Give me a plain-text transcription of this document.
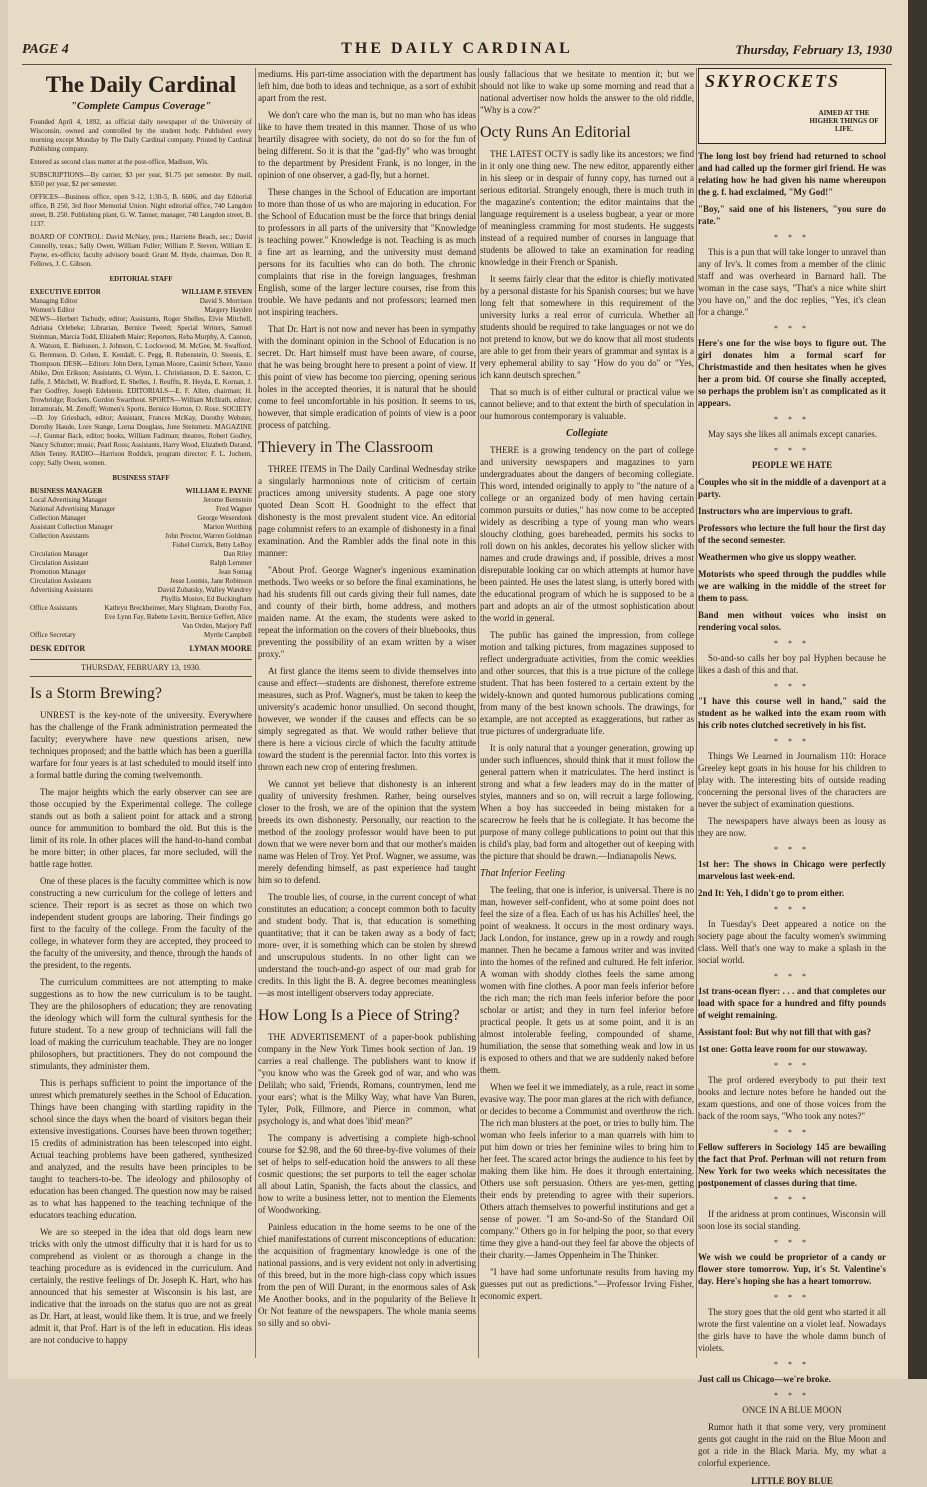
PAGE 4	THE DAILY CARDINAL	Thursday, February 13, 1930
The Daily Cardinal
"Complete Campus Coverage"

Founded April 4, 1892, as official daily newspaper of the University of Wisconsin, owned and controlled by the student body. Published every morning except Monday by The Daily Cardinal company. Printed by Cardinal Publishing company.

Entered as second class matter at the post-office, Madison, Wis.

SUBSCRIPTIONS—By carrier, $3 per year, $1.75 per semester. By mail, $350 per year, $2 per semester.

OFFICES—Business office, open 9-12, 1:30-5, B. 6606, and day Editorial office, B 250, 3rd floor Memorial Union. Night editorial office, 740 Langdon street, B. 250. Publishing plant, G. W. Tanner, manager, 740 Langdon street, B. 1137.

BOARD OF CONTROL: David McNary, pres.; Harriette Beach, sec.; David Connolly, treas.; Sally Owen, William Fuller; William P. Steven, William E. Payne, ex-officio; faculty advisory board: Grant M. Hyde, chairman, Don R. Fellows, J. C. Gibson.

EDITORIAL STAFF
EXECUTIVE EDITOR	WILLIAM P. STEVEN
Managing Editor	David S. Morrison
Women's Editor	Margery Hayden

NEWS—Herbert Tschudy, editor; Assistants, Roger Shelles, Elvie Mitchell, Adriana Orlebeke; Librarian, Bernice Tweed; Special Writers, Samuel Steinman, Marcia Todd, Elizabeth Maier; Reporters, Reba Murphy, A. Cannon, A. Watson, E. Biehusen, J. Johnson, C. Lockwood, M. McGee, M. Swafford, G. Berenson, D. Cohen, E. Kendall, C. Pegg, R. Rubenstein, O. Steenis, E. Thompson. DESK—Editors: John Dern, Lyman Moore, Casimir Scheer, Yasuo Abiko, Don Erikson; Assistants, O. Wynn, L. Christianson, D. E. Saxton, C. Jaffe, J. Mitchell, W. Bradford, E. Shelles, J. Reuffts, R. Heyda, E. Kornan, J. Parr Godfrey, Joseph Edelstein. EDITORIALS—E. F. Allen, chairman; H. Trowbridge; Rockets, Gordon Swarthout. SPORTS—William McIlrath, editor; Intramurals, M. Zenoff; Women's Sports, Bernice Horton, O. Rose. SOCIETY—D. Joy Griesbach, editor; Assistant, Frances McKay, Dorothy Webster, Dorothy Haude, Lore Stange, Lorna Douglass, June Steinmetz. MAGAZINE—J. Gunnar Back, editor; books, William Fadiman; theatres, Robert Godley, Nancy Schutter; music, Pearl Roos; Assistants, Harry Wood, Elizabeth Durand, Allen Tenny. RADIO—Harrison Roddick, program director; F. L. Jochem, copy; Sally Owen, women.

BUSINESS STAFF
BUSINESS MANAGER	WILLIAM E. PAYNE
Local Advertising Manager	Jerome Bernstein
National Advertising Manager	Fred Wagner
Collection Manager	George Wesendonk
Assistant Collection Manager	Marion Worthing
Collection Assistants	John Proctor, Warren Goldman
Fishel Currick, Betty LeBoy
Circulation Manager	Dan Riley
Circulation Assistant	Ralph Lemmer
Promotion Manager	Jean Sontag
Circulation Assistants	Jesse Loomis, Jane Robinson
Advertising Assistants	David Zubatsky, Walley Wandrey
Phyllis Mostov, Ed Buckingham
Office Assistants	Kathryn Breckheimer, Mary Slightam, Dorothy Fox, Eve Lynn Fay, Babette Levitt, Bernice Geffert, Alice Van Orden, Marjory Paff
Office Secretary	Myrtle Campbell
DESK EDITOR	LYMAN MOORE
THURSDAY, FEBRUARY 13, 1930.
Is a Storm Brewing?

UNREST is the key-note of the university. Everywhere has the challenge of the Frank administration permeated the faculty; everywhere have new questions arisen, new techniques proposed; and the battle which has been a guerilla warfare for four years is at last scheduled to mould itself into a formal battle during the coming twelvemonth.

The major heights which the early observer can see are those occupied by the Experimental college. The college stands out as both a salient point for attack and a strong ounce for ammunition to bombard the old. But this is the limit of its role. In other places will the hand-to-hand combat be more bitter; in other places, far more secluded, will the battle rage hotter.

One of these places is the faculty committee which is now constructing a new curriculum for the college of letters and science. Their report is as secret as those on which two independent student groups are laboring. Their findings go first to the faculty of the college. From the faculty of the college, in whatever form they are accepted, they proceed to the faculty of the university, and thence, through the hands of the president, to the regents.

The curriculum committees are not attempting to make suggestions as to how the new curriculum is to be taught. They are the philosophers of education; they are renovating the ideology which will form the cultural synthesis for the future student. To a new group of technicians will fall the load of making the curriculum teachable. They are no longer philosophers, but practitioners. They do not compound the stimulants, they administer them.

This is perhaps sufficient to point the importance of the unrest which prematurely seethes in the School of Education. Things have been changing with startling rapidity in the school since the days when the board of visitors began their extensive investigations. Courses have been thrown together; 15 credits of administration has been telescoped into eight. Actual teaching problems have been gathered, synthesized and analyzed, and the results have been principles to be taught to teachers-to-be. The ideology and philosophy of education has been changed. The question now may be raised as to what has happened to the teaching technique of the educators teaching education.

We are so steeped in the idea that old dogs learn new tricks with only the utmost difficulty that it is hard for us to comprehend as violent or as thorough a change in the teaching procedure as is evidenced in the curriculum. And certainly, the restive feelings of Dr. Joseph K. Hart, who has announced that his semester at Wisconsin is his last, are indicative that the inroads on the status quo are not as great as Dr. Hart, at least, would like them. It is true, and we freely admit it, that Prof. Hart is of the left in education. His ideas are not conducive to happy

mediums. His part-time association with the department has left him, due both to ideas and technique, as a sort of exhibit apart from the rest.

We don't care who the man is, but no man who has ideas like to have them treated in this manner. Those of us who heartily disagree with society, do not do so for the fun of being different. So it is that the "gad-fly" who was brought to the department by President Frank, is no longer, in the opinion of one observer, a gad-fly, but a hornet.

These changes in the School of Education are important to more than those of us who are majoring in education. For the School of Education must be the force that brings denial to professors in all parts of the university that "Knowledge is teaching power." Knowledge is not. Teaching is as much a fine art as learning, and the university must demand persons for its faculties who can do both. The chronic complaints that rise in the foreign languages, freshman English, some of the larger lecture courses, rise from this trouble. We have pedants and not professors; learned men not inspiring teachers.

That Dr. Hart is not now and never has been in sympathy with the dominant opinion in the School of Education is no secret. Dr. Hart himself must have been aware, of course, that he was being brought here to present a point of view. If this point of view has become too piercing, opening serious holes in the accepted theories, it is natural that he should come to feel uncomfortable in his position. It seems to us, however, that simple eradication of points of view is a poor process of patching.

Thievery in The Classroom

THREE ITEMS in The Daily Cardinal Wednesday strike a singularly harmonious note of criticism of certain practices among university students. A page one story quoted Dean Scott H. Goodnight to the effect that dishonesty is the most prevalent student vice. An editorial page columnist refers to an example of dishonesty in a final examination. And the Rambler adds the final note in this manner:

"About Prof. George Wagner's ingenious examination methods. Two weeks or so before the final examinations, he had his students fill out cards giving their full names, date and county of their birth, home address, and mothers maiden name. At the exam, the students were asked to repeat the information on the covers of their bluebooks, thus preventing the possibility of an exam written by a wiser proxy."

At first glance the items seem to divide themselves into cause and effect—students are dishonest, therefore extreme measures, such as Prof. Wagner's, must be taken to keep the university's academic honor unsullied. On second thought, however, we wonder if the causes and effects can be so simply segregated as that. We would rather believe that there is here a vicious circle of which the faculty attitude toward the student is the perennial factor. Into this vortex is thrown each new crop of entering freshmen.

We cannot yet believe that dishonesty is an inherent quality of university freshmen. Rather, being ourselves closer to the frosh, we are of the opinion that the system breeds its own dishonesty. Personally, our reaction to the method of the zoology professor would have been to put down that we were never born and that our mother's maiden name was Helen of Troy. Yet Prof. Wagner, we assume, was merely defending himself, as past experience had taught him so to defend.

The trouble lies, of course, in the current concept of what constitutes an education; a concept common both to faculty and student body. That is, that education is something quantitative; that it can be taken away as a body of fact; more- over, it is something which can be stolen by shrewd and unscrupulous students. In no other light can we understand the touch-and-go aspect of our mad grab for credits. In this light the B. A. degree becomes meaningless—as most intelligent observers today appreciate.

How Long Is a Piece of String?

THE ADVERTISEMENT of a paper-book publishing company in the New York Times book section of Jan. 19 carries a real challenge. The publishers want to know if "you know who was the Greek god of war, and who was Delilah; who said, 'Friends, Romans, countrymen, lend me your ears'; what is the Milky Way, what have Van Buren, Tyler, Polk, Fillmore, and Pierce in common, what psychology is, and what does 'ibid' mean?"

The company is advertising a complete high-school course for $2.98, and the 60 three-by-five volumes of their set of helps to self-education hold the answers to all these cosmic questions; the set purports to tell the eager scholar all about Latin, Spanish, the facts about the classics, and how to write a business letter, not to mention the Elements of Woodworking.

Painless education in the home seems to be one of the chief manifestations of current misconceptions of education: the acquisition of fragmentary knowledge is one of the national passions, and is very evident not only in advertising of this breed, but in the more high-class copy which issues from the pen of Will Durant, in the enormous sales of Ask Me Another books, and in the popularity of the Believe It Or Not feature of the newspapers. The whole mania seems so silly and so obvi-

ously fallacious that we hesitate to mention it; but we should not like to wake up some morning and read that a national advertiser now holds the answer to the old riddle, "Why is a cow?"

Octy Runs An Editorial

THE LATEST OCTY is sadly like its ancestors; we find in it only one thing new. The new editor, apparently either in his sleep or in despair of funny copy, has turned out a serious editorial. Strangely enough, there is much truth in the magazine's contention; the editor maintains that the language requirement is a useless bugbear, a year or more of meaningless cramming for most students. He suggests instead of a required number of courses in language that students be allowed to take an examination for reading knowledge in their French or Spanish.

It seems fairly clear that the editor is chiefly motivated by a personal distaste for his Spanish courses; but we have long felt that somewhere in this requirement of the university lurks a real error of curricula. Whether all students should be required to take languages or not we do not pretend to know, but we do know that all most students are able to get from their years of grammar and syntax is a very ephemeral ability to say "How do you do" or "Yes, ich kann deutsch sprechen."

That so much is of either cultural or practical value we cannot believe; and to that extent the birth of speculation in our humorous contemporary is valuable.

Collegiate

THERE is a growing tendency on the part of college and university newspapers and magazines to yarn undergraduates about the dangers of becoming collegiate. This word, intended originally to apply to "the nature of a college or an organized body of men having certain common pursuits or duties," has now come to be accepted widely as describing a type of young man who wears slouchy clothing, goes bareheaded, permits his socks to roll down on his ankles, decorates his yellow slicker with names and crude drawings and, if possible, drives a most disreputable looking car on which attempts at humor have been painted. He uses the latest slang, is utterly bored with the educational program of which he is supposed to be a part and adopts an air of the utmost sophistication about the world in general.

The public has gained the impression, from college motion and talking pictures, from magazines supposed to reflect undergraduate activities, from the comic weeklies and other sources, that this is a true picture of the college student. That has been fostered to a certain extent by the widely-known and quoted humorous publications coming from many of the best known schools. The drawings, for example, are not accepted as exaggerations, but rather as true pictures of undergraduate life.

It is only natural that a younger generation, growing up under such influences, should think that it must follow the general pattern when it matriculates. The herd instinct is strong and what a few leaders may do in the matter of styles, manners and so on, will recruit a large following. When a boy has succeeded in being mistaken for a scarecrow he feels that he is collegiate. It has become the purpose of many college publications to point out that this is child's play, bad form and altogether out of keeping with the picture that should be drawn.—Indianapolis News.

That Inferior Feeling

The feeling, that one is inferior, is universal. There is no man, however self-confident, who at some point does not feel the size of a flea. Each of us has his Achilles' heel, the point of weakness. It occurs in the most ordinary ways. Jack London, for instance, grew up in a rowdy and rough manner. Then he became a famous writer and was invited into the homes of the refined and cultured. He felt inferior. A woman with shoddy clothes feels the same among women with fine clothes. A poor man feels inferior before the rich man; the rich man feels inferior before the poor scholar or artist; and they in turn feel inferior before practical people. It gets us at some point, and it is an almost intolerable feeling, compounded of shame, humiliation, the sense that something weak and low in us is exposed to others and that we are suddenly naked before them.

When we feel it we immediately, as a rule, react in some evasive way. The poor man glares at the rich with defiance, or decides to become a Communist and overthrow the rich. The rich man blusters at the poet, or tries to bully him. The woman who feels inferior to a man quarrels with him to put him down or tries her feminine wiles to bring him to her feet. The scared actor brings the audience to his feet by making them like him. He does it through entertaining. Others use soft persuasion. Others are yes-men, getting their ends by pretending to agree with their superiors. Others attach themselves to powerful institutions and get a sense of power. "I am So-and-So of the Standard Oil company." Others go in for helping the poor, so that every time they give a hand-out they feel far above the objects of their charity.—James Oppenheim in The Thinker.

"I have had some unfortunate results from having my guesses put out as predictions."—Professor Irving Fisher, economic expert.

SKYROCKETS
AIMED AT THE HIGHER THINGS OF LIFE.

The long lost boy friend had returned to school and had called up the former girl friend. He was relating how he had given his name whereupon the g. f. had exclaimed, "My God!"

"Boy," said one of his listeners, "you sure do rate."

* * *

This is a pun that will take longer to unravel than any of Irv's. It comes from a member of the clinic staff and was overheard in Barnard hall. The woman in the case says, "That's a nice white shirt you have on," and the doc replies, "Yes, it's clean for a change."

* * *

Here's one for the wise boys to figure out. The girl donates him a formal scarf for Christmastide and then hesitates when he gives her a prom bid. Of course she finally accepted, so perhaps the problem isn't as complicated as it appears.

* * *

May says she likes all animals except canaries.

* * *

PEOPLE WE HATE

Couples who sit in the middle of a davenport at a party.

Instructors who are impervious to graft.

Professors who lecture the full hour the first day of the second semester.

Weathermen who give us sloppy weather.

Motorists who speed through the puddles while we are walking in the middle of the street for them to pass.

Band men without voices who insist on rendering vocal solos.

* * *

So-and-so calls her boy pal Hyphen because he likes a dash of this and that.

* * *

"I have this course well in hand," said the student as he walked into the exam room with his crib notes clutched secretively in his fist.

* * *

Things We Learned in Journalism 110: Horace Greeley kept goats in his house for his children to play with. The interesting bits of outside reading concerning the personal lives of the characters are never the subject of examination questions.

The newspapers have always been as lousy as they are now.

* * *

1st her: The shows in Chicago were perfectly marvelous last week-end.

2nd It: Yeh, I didn't go to prom either.

* * *

In Tuesday's Deet appeared a notice on the society page about the faculty women's swimming class. Well that's one way to make a splash in the social world.

* * *

1st trans-ocean flyer: . . . and that completes our load with space for a hundred and fifty pounds of weight remaining.

Assistant fool: But why not fill that with gas?

1st one: Gotta leave room for our stowaway.

* * *

The prof ordered everybody to put their text books and lecture notes before he handed out the exam questions, and one of those voices from the back of the room says, "Who took any notes?"

* * *

Fellow sufferers in Sociology 145 are bewailing the fact that Prof. Perlman will not return from New York for two weeks which necessitates the postponement of classes during that time.

* * *

If the aridness at prom continues, Wisconsin will soon lose its social standing.

* * *

We wish we could be proprietor of a candy or flower store tomorrow. Yup, it's St. Valentine's day. Here's hoping she has a heart tomorrow.

* * *

The story goes that the old gent who started it all wrote the first valentine on a violet leaf. Nowadays the girls have to have the whole damn bunch of violets.

* * *

Just call us Chicago—we're broke.

* * *

ONCE IN A BLUE MOON

Rumor hath it that some very, very prominent gents got caught in the raid on the Blue Moon and got a ride in the Black Maria. My, my what a colorful experience.

LITTLE BOY BLUE
